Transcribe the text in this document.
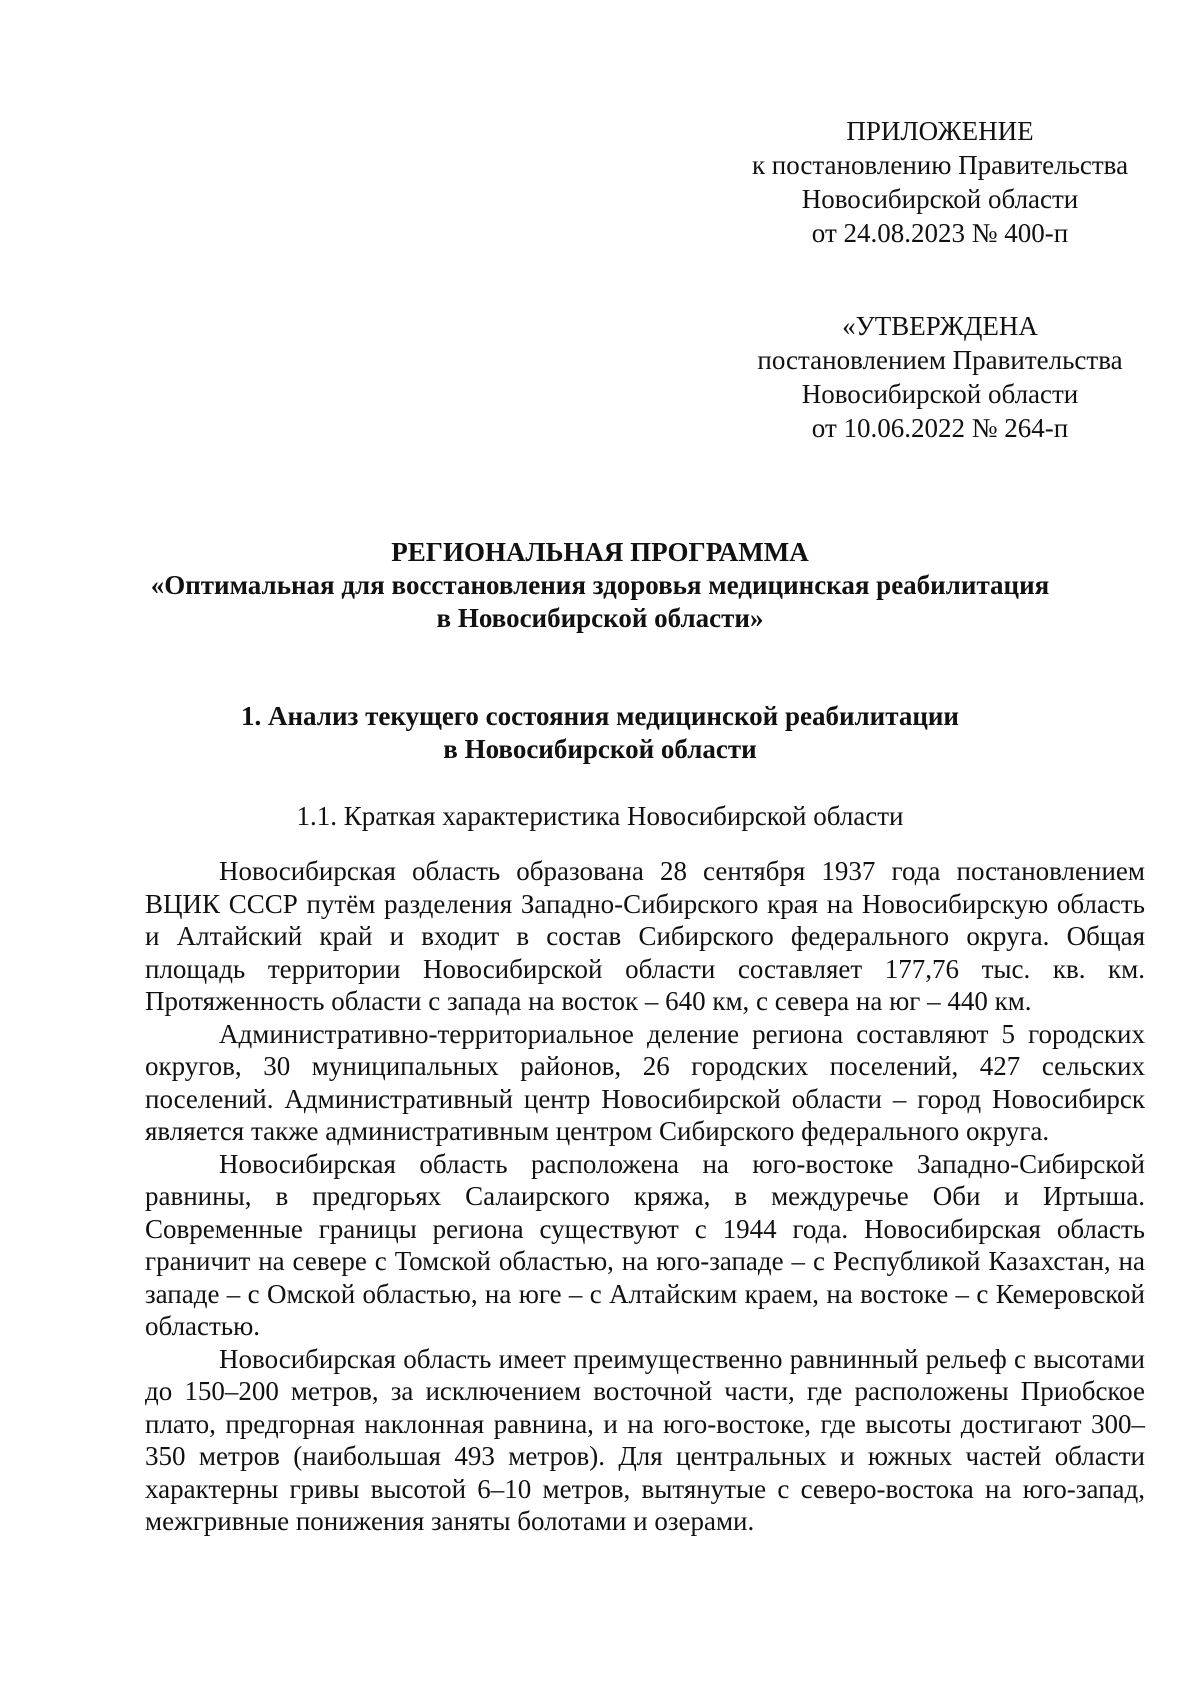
ПРИЛОЖЕНИЕ
к постановлению Правительства
Новосибирской области
от 24.08.2023 № 400-п
«УТВЕРЖДЕНА
постановлением Правительства
Новосибирской области
от 10.06.2022 № 264-п
РЕГИОНАЛЬНАЯ ПРОГРАММА
«Оптимальная для восстановления здоровья медицинская реабилитация
в Новосибирской области»
1. Анализ текущего состояния медицинской реабилитации
в Новосибирской области
1.1. Краткая характеристика Новосибирской области

Новосибирская область образована 28 сентября 1937 года постановлением ВЦИК СССР путём разделения Западно-Сибирского края на Новосибирскую область и Алтайский край и входит в состав Сибирского федерального округа. Общая площадь территории Новосибирской области составляет 177,76 тыс. кв. км. Протяженность области с запада на восток – 640 км, с севера на юг – 440 км.

Административно-территориальное деление региона составляют 5 городских округов, 30 муниципальных районов, 26 городских поселений, 427 сельских поселений. Административный центр Новосибирской области – город Новосибирск является также административным центром Сибирского федерального округа.

Новосибирская область расположена на юго-востоке Западно-Сибирской равнины, в предгорьях Салаирского кряжа, в междуречье Оби и Иртыша. Современные границы региона существуют с 1944 года. Новосибирская область граничит на севере с Томской областью, на юго-западе – с Республикой Казахстан, на западе – с Омской областью, на юге – с Алтайским краем, на востоке – с Кемеровской областью.

Новосибирская область имеет преимущественно равнинный рельеф с высотами до 150–200 метров, за исключением восточной части, где расположены Приобское плато, предгорная наклонная равнина, и на юго-востоке, где высоты достигают 300–350 метров (наибольшая 493 метров). Для центральных и южных частей области характерны гривы высотой 6–10 метров, вытянутые с северо-востока на юго-запад, межгривные понижения заняты болотами и озерами.
